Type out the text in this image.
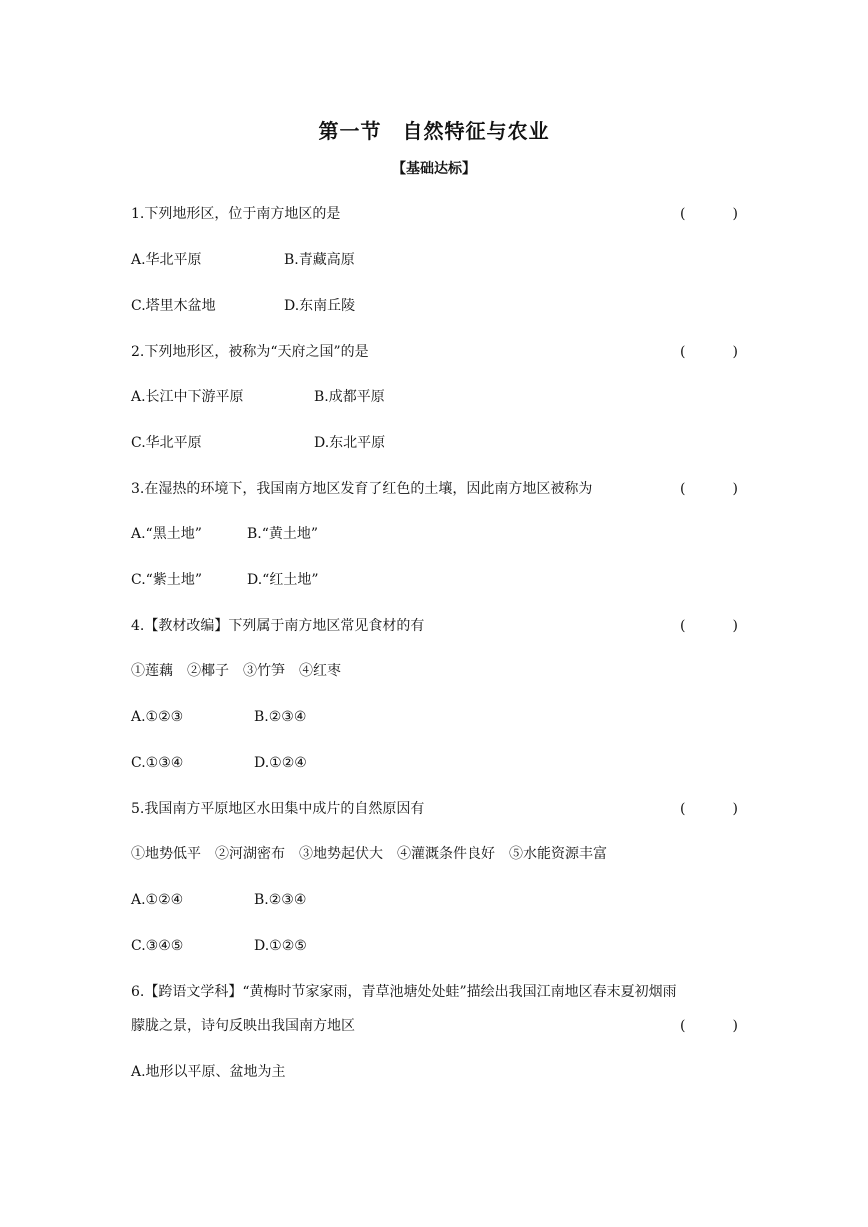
第一节　自然特征与农业
【基础达标】
1.下列地形区，位于南方地区的是	(	)
A.华北平原	B.青藏高原
C.塔里木盆地	D.东南丘陵
2.下列地形区，被称为“天府之国”的是	(	)
A.长江中下游平原	B.成都平原
C.华北平原	D.东北平原
3.在湿热的环境下，我国南方地区发育了红色的土壤，因此南方地区被称为	(	)
A.“黑土地”	B.“黄土地”
C.“紫土地”	D.“红土地”
4.【教材改编】下列属于南方地区常见食材的有	(	)
①莲藕　②椰子　③竹笋　④红枣
A.①②③	B.②③④
C.①③④	D.①②④
5.我国南方平原地区水田集中成片的自然原因有	(	)
①地势低平　②河湖密布　③地势起伏大　④灌溉条件良好　⑤水能资源丰富
A.①②④	B.②③④
C.③④⑤	D.①②⑤
6.【跨语文学科】“黄梅时节家家雨，青草池塘处处蛙”描绘出我国江南地区春末夏初烟雨
朦胧之景，诗句反映出我国南方地区	(	)
A.地形以平原、盆地为主
